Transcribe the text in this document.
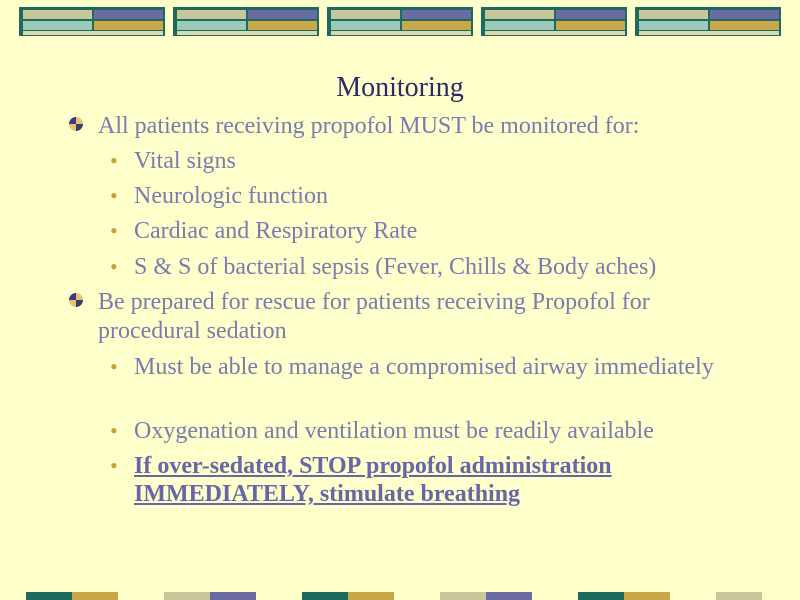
Monitoring
All patients receiving propofol MUST be monitored for:
• Vital signs
• Neurologic function
• Cardiac and Respiratory Rate
• S & S of bacterial sepsis (Fever, Chills & Body aches)
Be prepared for rescue for patients receiving Propofol for procedural sedation
• Must be able to manage a compromised airway immediately
• Oxygenation and ventilation must be readily available
• If over-sedated, STOP propofol administration IMMEDIATELY, stimulate breathing
